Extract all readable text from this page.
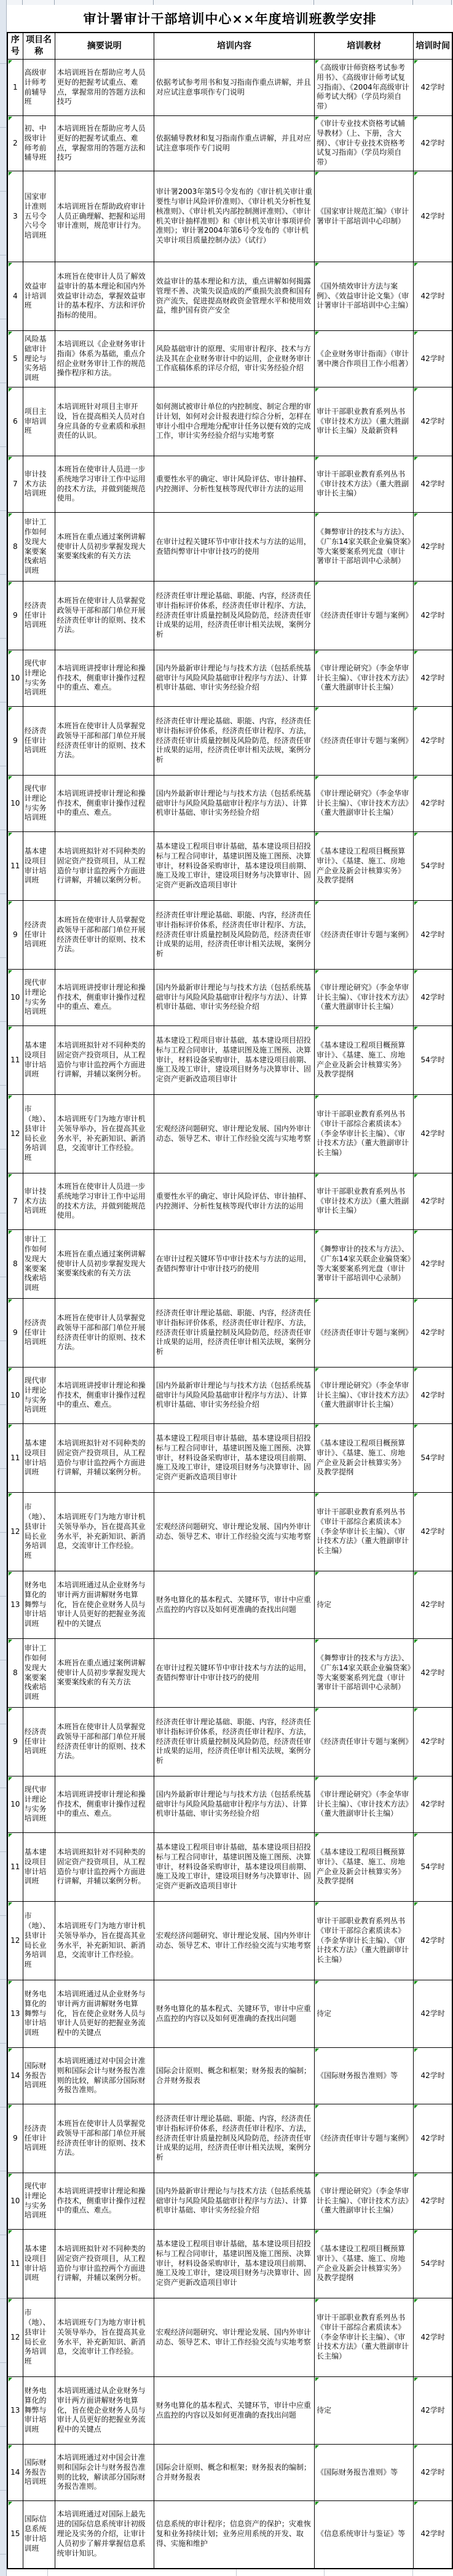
审计署审计干部培训中心××年度培训班教学安排
序号	项目名称	摘要说明	培训内容	培训教材	培训时间
1	高级审计师考前辅导班	本培训班旨在帮助应考人员更好的把握考试重点、难点，掌握常用的答题方法和技巧	依据考试参考用书和复习指南作重点讲解，并且对应试注意事项作专门说明	《高级审计师资格考试参考用书》、《高级审计师考试复习指南》、《2004年高级审计师考试大纲》（学员均须自带）	42学时
2	初、中级审计师考前辅导班	本培训班旨在帮助应考人员更好的把握考试重点、难点，掌握常用的答题方法和技巧	依据辅导教材和复习指南作重点讲解，并且对应试注意事项作专门说明	《审计专业技术资格考试辅导教材》（上、下册，含大纲）、《审计专业技术资格考试复习指南》（学员均须自带）	42学时
3	国家审计准则五号令六号令培训班	本培训班旨在帮助政府审计人员正确理解、把握和运用审计准则，规范审计行为。	审计署2003年第5号令发布的《审计机关审计重要性与审计风险评价准则》、《审计机关分析性复核准则》、《审计机关内部控制测评准则》、《审计机关审计抽样准则》和《审计机关审计事项评价准则》；审计署2004年第6号令发布的《审计机关审计项目质量控制办法》（试行）	《国家审计规范汇编》（审计署审计干部培训中心印制）	42学时
4	效益审计培训班	本班旨在使审计人员了解效益审计的基本理论和国内外效益审计动态，掌握效益审计的基本程序、方法和评价指标的使用。	效益审计的基本理论和方法，重点讲解如何揭露管理不善、决策失误造成的严重损失浪费和国有资产流失，促进提高财政资金管理水平和使用效益，维护国有资产安全	《国外绩效审计方法与案例》、《效益审计论文集》（审计署审计干部培训中心主编）	42学时
5	风险基础审计理论与实务培训班	本培训班以《企业财务审计指南》体系为基础，重点介绍企业财务审计工作的规范操作程序和方法。	风险基础审计的原理、实用审计程序、技术与方法及其在企业财务审计中的运用，企业财务审计工作底稿体系的详尽介绍，审计实务经验介绍	《企业财务审计指南》（审计署中澳合作项目工作小组著）	42学时
6	项目主审培训班	本培训班针对项目主审开设，旨在提高相关人员对自身应具备的专业素质和承担责任的认识。	如何测试被审计单位的内控制度、制定合理的审计计划，如何对会计报表进行综合分析，怎样在审计小组中合理地分配审计任务以便有效的完成工作，审计实务经验介绍与实地考察	审计干部职业教育系列丛书《审计技术方法》（董大胜副审计长主编）及最新资料	42学时
7	审计技术方法培训班	本班旨在使审计人员进一步系统地学习审计工作中运用的技术方法，并做到能规范使用。	重要性水平的确定、审计风险评估、审计抽样、内控测评、分析性复核等现代审计方法的运用	审计干部职业教育系列丛书《审计技术方法》（董大胜副审计长主编）	42学时
8	审计工作如何发现大案要案线索培训班	本班旨在重点通过案例讲解使审计人员初步掌握发现大案要案线索的有关方法	在审计过程关键环节中审计技术与方法的运用，查错纠弊审计中审计技巧的使用	《舞弊审计的技术与方法》、《广东14家关联企业骗贷案》等大案要案系列光盘（审计署审计干部培训中心录制）	42学时
9	经济责任审计培训班	本班旨在使审计人员掌握党政领导干部和部门单位开展经济责任审计的原则、技术方法。	经济责任审计理论基础、职能、内容，经济责任审计指标评价体系，经济责任审计程序、方法，经济责任审计质量控制及风险防范，经济责任审计成果的运用，经济责任审计相关法规，案例分析	《经济责任审计专题与案例》	42学时
10	现代审计理论与实务培训班	本培训班讲授审计理论和操作技术，侧重审计操作过程中的重点、难点。	国内外最新审计理论与与技术方法（包括系统基础审计与风险风险基础审计程序与方法）、计算机审计基础、审计实务经验介绍	《审计理论研究》（李金华审计长主编）、《审计技术方法》（董大胜副审计长主编）	42学时
9	经济责任审计培训班	本班旨在使审计人员掌握党政领导干部和部门单位开展经济责任审计的原则、技术方法。	经济责任审计理论基础、职能、内容，经济责任审计指标评价体系，经济责任审计程序、方法，经济责任审计质量控制及风险防范，经济责任审计成果的运用，经济责任审计相关法规，案例分析	《经济责任审计专题与案例》	42学时
10	现代审计理论与实务培训班	本培训班讲授审计理论和操作技术，侧重审计操作过程中的重点、难点。	国内外最新审计理论与与技术方法（包括系统基础审计与风险风险基础审计程序与方法）、计算机审计基础、审计实务经验介绍	《审计理论研究》（李金华审计长主编）、《审计技术方法》（董大胜副审计长主编）	42学时
11	基本建设项目审计培训班	本培训班拟针对不同种类的固定资产投资项目，从工程造价与审计监控两个方面进行讲解，并辅以案例分析。	基本建设工程项目审计基础，基本建设项目招投标与工程合同审计，基建识图及施工图预、决算审计，材料设备采购审计，基本建设项目前期、施工及竣工审计，建设项目财务与决算审计、固定资产更新改造项目审计	《基本建设工程项目概预算审计》、《基建、施工、房地产企业及新会计核算实务》及教学提纲	54学时
9	经济责任审计培训班	本班旨在使审计人员掌握党政领导干部和部门单位开展经济责任审计的原则、技术方法。	经济责任审计理论基础、职能、内容，经济责任审计指标评价体系，经济责任审计程序、方法，经济责任审计质量控制及风险防范，经济责任审计成果的运用，经济责任审计相关法规，案例分析	《经济责任审计专题与案例》	42学时
10	现代审计理论与实务培训班	本培训班讲授审计理论和操作技术，侧重审计操作过程中的重点、难点。	国内外最新审计理论与与技术方法（包括系统基础审计与风险风险基础审计程序与方法）、计算机审计基础、审计实务经验介绍	《审计理论研究》（李金华审计长主编）、《审计技术方法》（董大胜副审计长主编）	42学时
11	基本建设项目审计培训班	本培训班拟针对不同种类的固定资产投资项目，从工程造价与审计监控两个方面进行讲解，并辅以案例分析。	基本建设工程项目审计基础，基本建设项目招投标与工程合同审计，基建识图及施工图预、决算审计，材料设备采购审计，基本建设项目前期、施工及竣工审计，建设项目财务与决算审计、固定资产更新改造项目审计	《基本建设工程项目概预算审计》、《基建、施工、房地产企业及新会计核算实务》及教学提纲	54学时
12	市（地）、县审计局长业务培训班	本培训班专门为地方审计机关领导举办，旨在提高其业务水平，补充新知识、新消息，交流审计工作经验。	宏观经济问题研究、审计理论发展、国内外审计动态、领导艺术、审计工作经验交流与实地考察	审计干部职业教育系列丛书《审计干部综合素质读本》（李金华审计长主编）、《审计技术方法》（董大胜副审计长主编）	42学时
7	审计技术方法培训班	本班旨在使审计人员进一步系统地学习审计工作中运用的技术方法，并做到能规范使用。	重要性水平的确定、审计风险评估、审计抽样、内控测评、分析性复核等现代审计方法的运用	审计干部职业教育系列丛书《审计技术方法》（董大胜副审计长主编）	42学时
8	审计工作如何发现大案要案线索培训班	本班旨在重点通过案例讲解使审计人员初步掌握发现大案要案线索的有关方法	在审计过程关键环节中审计技术与方法的运用，查错纠弊审计中审计技巧的使用	《舞弊审计的技术与方法》、《广东14家关联企业骗贷案》等大案要案系列光盘（审计署审计干部培训中心录制）	42学时
9	经济责任审计培训班	本班旨在使审计人员掌握党政领导干部和部门单位开展经济责任审计的原则、技术方法。	经济责任审计理论基础、职能、内容，经济责任审计指标评价体系，经济责任审计程序、方法，经济责任审计质量控制及风险防范，经济责任审计成果的运用，经济责任审计相关法规，案例分析	《经济责任审计专题与案例》	42学时
10	现代审计理论与实务培训班	本培训班讲授审计理论和操作技术，侧重审计操作过程中的重点、难点。	国内外最新审计理论与与技术方法（包括系统基础审计与风险风险基础审计程序与方法）、计算机审计基础、审计实务经验介绍	《审计理论研究》（李金华审计长主编）、《审计技术方法》（董大胜副审计长主编）	42学时
11	基本建设项目审计培训班	本培训班拟针对不同种类的固定资产投资项目，从工程造价与审计监控两个方面进行讲解，并辅以案例分析。	基本建设工程项目审计基础，基本建设项目招投标与工程合同审计，基建识图及施工图预、决算审计，材料设备采购审计，基本建设项目前期、施工及竣工审计，建设项目财务与决算审计、固定资产更新改造项目审计	《基本建设工程项目概预算审计》、《基建、施工、房地产企业及新会计核算实务》及教学提纲	54学时
12	市（地）、县审计局长业务培训班	本培训班专门为地方审计机关领导举办，旨在提高其业务水平，补充新知识、新消息，交流审计工作经验。	宏观经济问题研究、审计理论发展、国内外审计动态、领导艺术、审计工作经验交流与实地考察	审计干部职业教育系列丛书《审计干部综合素质读本》（李金华审计长主编）、《审计技术方法》（董大胜副审计长主编）	42学时
13	财务电算化的舞弊与审计培训班	本培训班通过从企业财务与审计两方面讲解财务电算化，旨在使企业财务人员与审计人员更好的把握业务流程中的关键点	财务电算化的基本程式、关键环节，审计中应重点监控的内容以及如何更准确的查找出问题	待定	42学时
8	审计工作如何发现大案要案线索培训班	本班旨在重点通过案例讲解使审计人员初步掌握发现大案要案线索的有关方法	在审计过程关键环节中审计技术与方法的运用，查错纠弊审计中审计技巧的使用	《舞弊审计的技术与方法》、《广东14家关联企业骗贷案》等大案要案系列光盘（审计署审计干部培训中心录制）	42学时
9	经济责任审计培训班	本班旨在使审计人员掌握党政领导干部和部门单位开展经济责任审计的原则、技术方法。	经济责任审计理论基础、职能、内容，经济责任审计指标评价体系，经济责任审计程序、方法，经济责任审计质量控制及风险防范，经济责任审计成果的运用，经济责任审计相关法规，案例分析	《经济责任审计专题与案例》	42学时
10	现代审计理论与实务培训班	本培训班讲授审计理论和操作技术，侧重审计操作过程中的重点、难点。	国内外最新审计理论与与技术方法（包括系统基础审计与风险风险基础审计程序与方法）、计算机审计基础、审计实务经验介绍	《审计理论研究》（李金华审计长主编）、《审计技术方法》（董大胜副审计长主编）	42学时
11	基本建设项目审计培训班	本培训班拟针对不同种类的固定资产投资项目，从工程造价与审计监控两个方面进行讲解，并辅以案例分析。	基本建设工程项目审计基础，基本建设项目招投标与工程合同审计，基建识图及施工图预、决算审计，材料设备采购审计，基本建设项目前期、施工及竣工审计，建设项目财务与决算审计、固定资产更新改造项目审计	《基本建设工程项目概预算审计》、《基建、施工、房地产企业及新会计核算实务》及教学提纲	54学时
12	市（地）、县审计局长业务培训班	本培训班专门为地方审计机关领导举办，旨在提高其业务水平，补充新知识、新消息，交流审计工作经验。	宏观经济问题研究、审计理论发展、国内外审计动态、领导艺术、审计工作经验交流与实地考察	审计干部职业教育系列丛书《审计干部综合素质读本》（李金华审计长主编）、《审计技术方法》（董大胜副审计长主编）	42学时
13	财务电算化的舞弊与审计培训班	本培训班通过从企业财务与审计两方面讲解财务电算化，旨在使企业财务人员与审计人员更好的把握业务流程中的关键点	财务电算化的基本程式、关键环节，审计中应重点监控的内容以及如何更准确的查找出问题	待定	42学时
14	国际财务报告培训班	本培训班通过对中国会计准则和国际会计与财务报告准则的比较，解读部分国际财务报告准则。	国际会计原则、概念和框架；财务报表的编制；合并财务报表	《国际财务报告准则》等	42学时
9	经济责任审计培训班	本班旨在使审计人员掌握党政领导干部和部门单位开展经济责任审计的原则、技术方法。	经济责任审计理论基础、职能、内容，经济责任审计指标评价体系，经济责任审计程序、方法，经济责任审计质量控制及风险防范，经济责任审计成果的运用，经济责任审计相关法规，案例分析	《经济责任审计专题与案例》	42学时
10	现代审计理论与实务培训班	本培训班讲授审计理论和操作技术，侧重审计操作过程中的重点、难点。	国内外最新审计理论与与技术方法（包括系统基础审计与风险风险基础审计程序与方法）、计算机审计基础、审计实务经验介绍	《审计理论研究》（李金华审计长主编）、《审计技术方法》（董大胜副审计长主编）	42学时
11	基本建设项目审计培训班	本培训班拟针对不同种类的固定资产投资项目，从工程造价与审计监控两个方面进行讲解，并辅以案例分析。	基本建设工程项目审计基础，基本建设项目招投标与工程合同审计，基建识图及施工图预、决算审计，材料设备采购审计，基本建设项目前期、施工及竣工审计，建设项目财务与决算审计、固定资产更新改造项目审计	《基本建设工程项目概预算审计》、《基建、施工、房地产企业及新会计核算实务》及教学提纲	54学时
12	市（地）、县审计局长业务培训班	本培训班专门为地方审计机关领导举办，旨在提高其业务水平，补充新知识、新消息，交流审计工作经验。	宏观经济问题研究、审计理论发展、国内外审计动态、领导艺术、审计工作经验交流与实地考察	审计干部职业教育系列丛书《审计干部综合素质读本》（李金华审计长主编）、《审计技术方法》（董大胜副审计长主编）	42学时
13	财务电算化的舞弊与审计培训班	本培训班通过从企业财务与审计两方面讲解财务电算化，旨在使企业财务人员与审计人员更好的把握业务流程中的关键点	财务电算化的基本程式、关键环节，审计中应重点监控的内容以及如何更准确的查找出问题	待定	42学时
14	国际财务报告培训班	本培训班通过对中国会计准则和国际会计与财务报告准则的比较，解读部分国际财务报告准则。	国际会计原则、概念和框架；财务报表的编制；合并财务报表	《国际财务报告准则》等	42学时
15	国际信息系统审计培训班	本培训班通过对国际上最先进的国际信息系统审计初级理论及实务的介绍，让审计人员初步了解并掌握信息系统审计知识。	信息系统的审计程序；信息资产的保护；灾难恢复和业务持续计划；业务应用系统的开发、取得、实施和维护	《信息系统审计与鉴证》等	42学时
